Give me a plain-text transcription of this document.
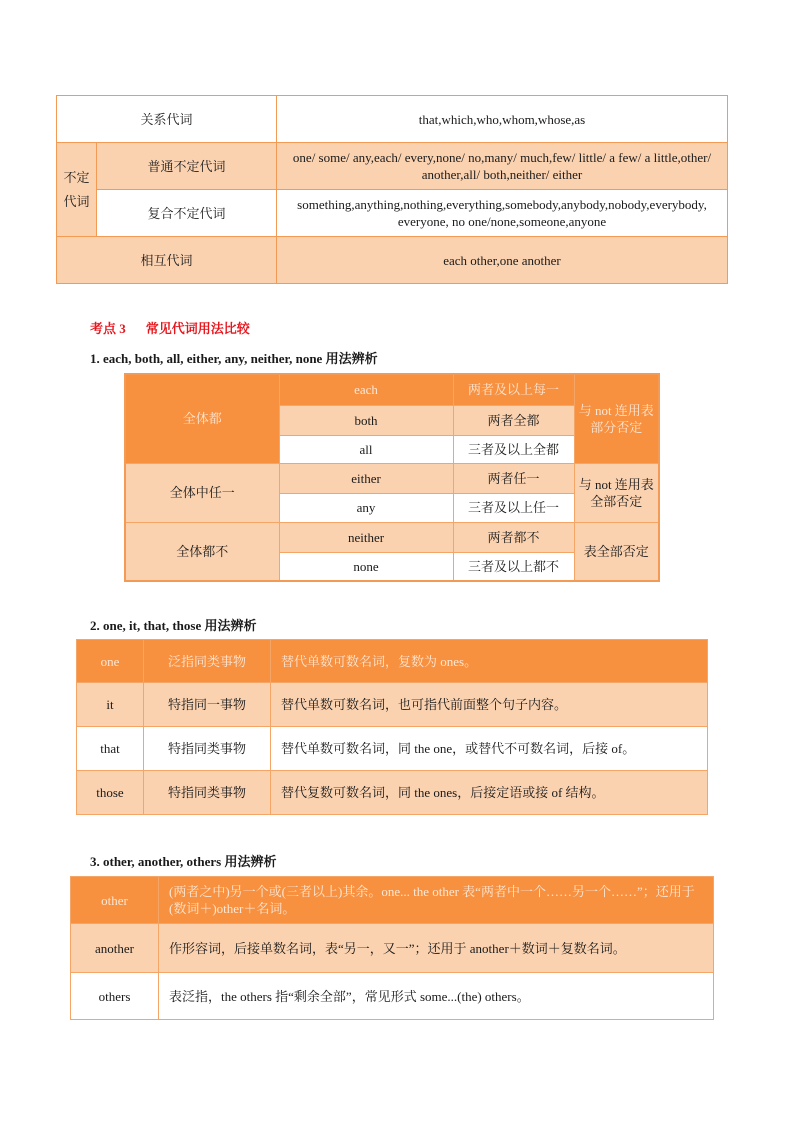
关系代词		that,which,who,whom,whose,as
不定代词	普通不定代词	one/ some/ any,each/ every,none/ no,many/ much,few/ little/ a few/ a little,other/ another,all/ both,neither/ either
	复合不定代词	something,anything,nothing,everything,somebody,anybody,nobody,everybody, everyone, no one/none,someone,anyone
相互代词		each other,one another
考点 3 常见代词用法比较
1. each, both, all, either, any, neither, none 用法辨析
全体都	each	两者及以上每一	与 not 连用表部分否定
	both	两者全都	
	all	三者及以上全都	
全体中任一	either	两者任一	与 not 连用表全部否定
	any	三者及以上任一	
全体都不	neither	两者都不	表全部否定
	none	三者及以上都不	
2. one, it, that, those 用法辨析
one	泛指同类事物	替代单数可数名词，复数为 ones。
it	特指同一事物	替代单数可数名词，也可指代前面整个句子内容。
that	特指同类事物	替代单数可数名词，同 the one，或替代不可数名词，后接 of。
those	特指同类事物	替代复数可数名词，同 the ones，后接定语或接 of 结构。
3. other, another, others 用法辨析
other	(两者之中)另一个或(三者以上)其余。one... the other 表“两者中一个……另一个……”；还用于(数词＋)other＋名词。
another	作形容词，后接单数名词，表“另一，又一”；还用于 another＋数词＋复数名词。
others	表泛指，the others 指“剩余全部”，常见形式 some...(the) others。
